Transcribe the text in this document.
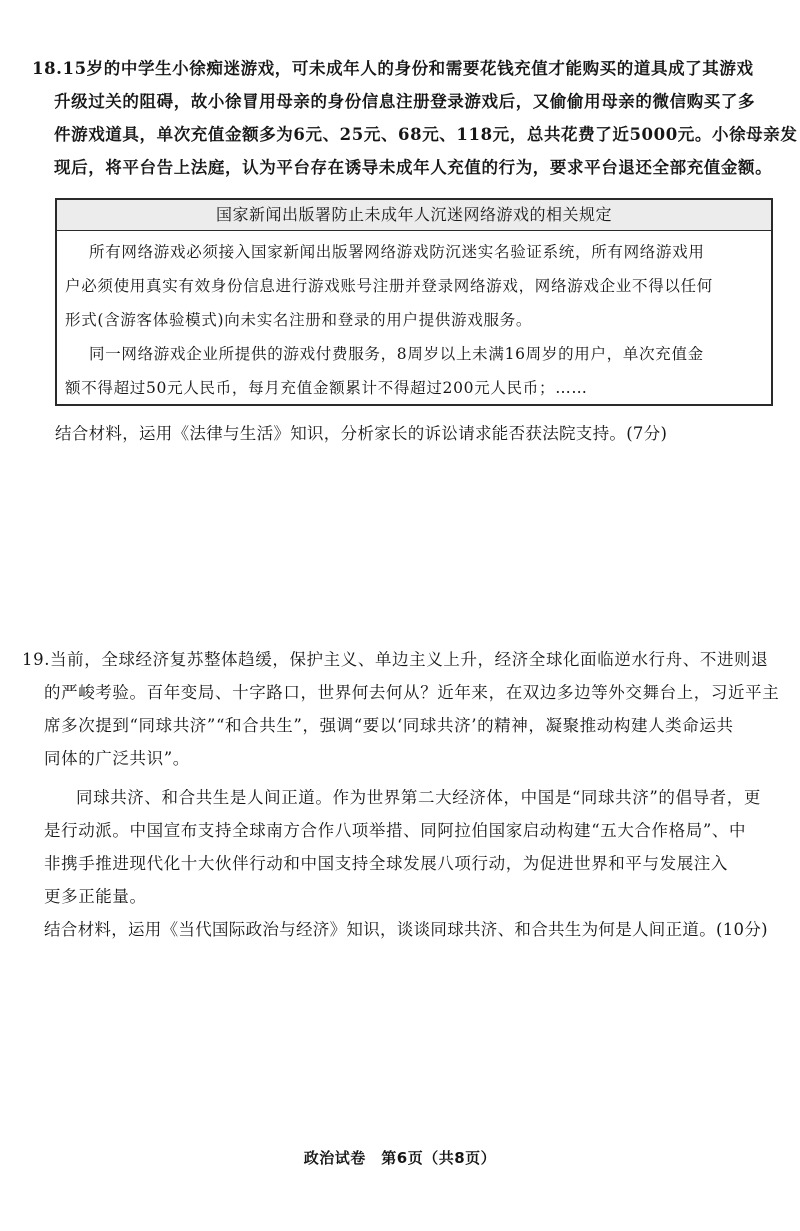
18.15岁的中学生小徐痴迷游戏，可未成年人的身份和需要花钱充值才能购买的道具成了其游戏
升级过关的阻碍，故小徐冒用母亲的身份信息注册登录游戏后，又偷偷用母亲的微信购买了多
件游戏道具，单次充值金额多为6元、25元、68元、118元，总共花费了近5000元。小徐母亲发
现后，将平台告上法庭，认为平台存在诱导未成年人充值的行为，要求平台退还全部充值金额。
国家新闻出版署防止未成年人沉迷网络游戏的相关规定
所有网络游戏必须接入国家新闻出版署网络游戏防沉迷实名验证系统，所有网络游戏用
户必须使用真实有效身份信息进行游戏账号注册并登录网络游戏，网络游戏企业不得以任何
形式(含游客体验模式)向未实名注册和登录的用户提供游戏服务。
同一网络游戏企业所提供的游戏付费服务，8周岁以上未满16周岁的用户，单次充值金
额不得超过50元人民币，每月充值金额累计不得超过200元人民币；……
结合材料，运用《法律与生活》知识，分析家长的诉讼请求能否获法院支持。(7分)
19.当前，全球经济复苏整体趋缓，保护主义、单边主义上升，经济全球化面临逆水行舟、不进则退
的严峻考验。百年变局、十字路口，世界何去何从？近年来，在双边多边等外交舞台上，习近平主
席多次提到“同球共济”“和合共生”，强调“要以‘同球共济’的精神，凝聚推动构建人类命运共
同体的广泛共识”。
同球共济、和合共生是人间正道。作为世界第二大经济体，中国是“同球共济”的倡导者，更
是行动派。中国宣布支持全球南方合作八项举措、同阿拉伯国家启动构建“五大合作格局”、中
非携手推进现代化十大伙伴行动和中国支持全球发展八项行动，为促进世界和平与发展注入
更多正能量。
结合材料，运用《当代国际政治与经济》知识，谈谈同球共济、和合共生为何是人间正道。(10分)
政治试卷　第6页（共8页）
